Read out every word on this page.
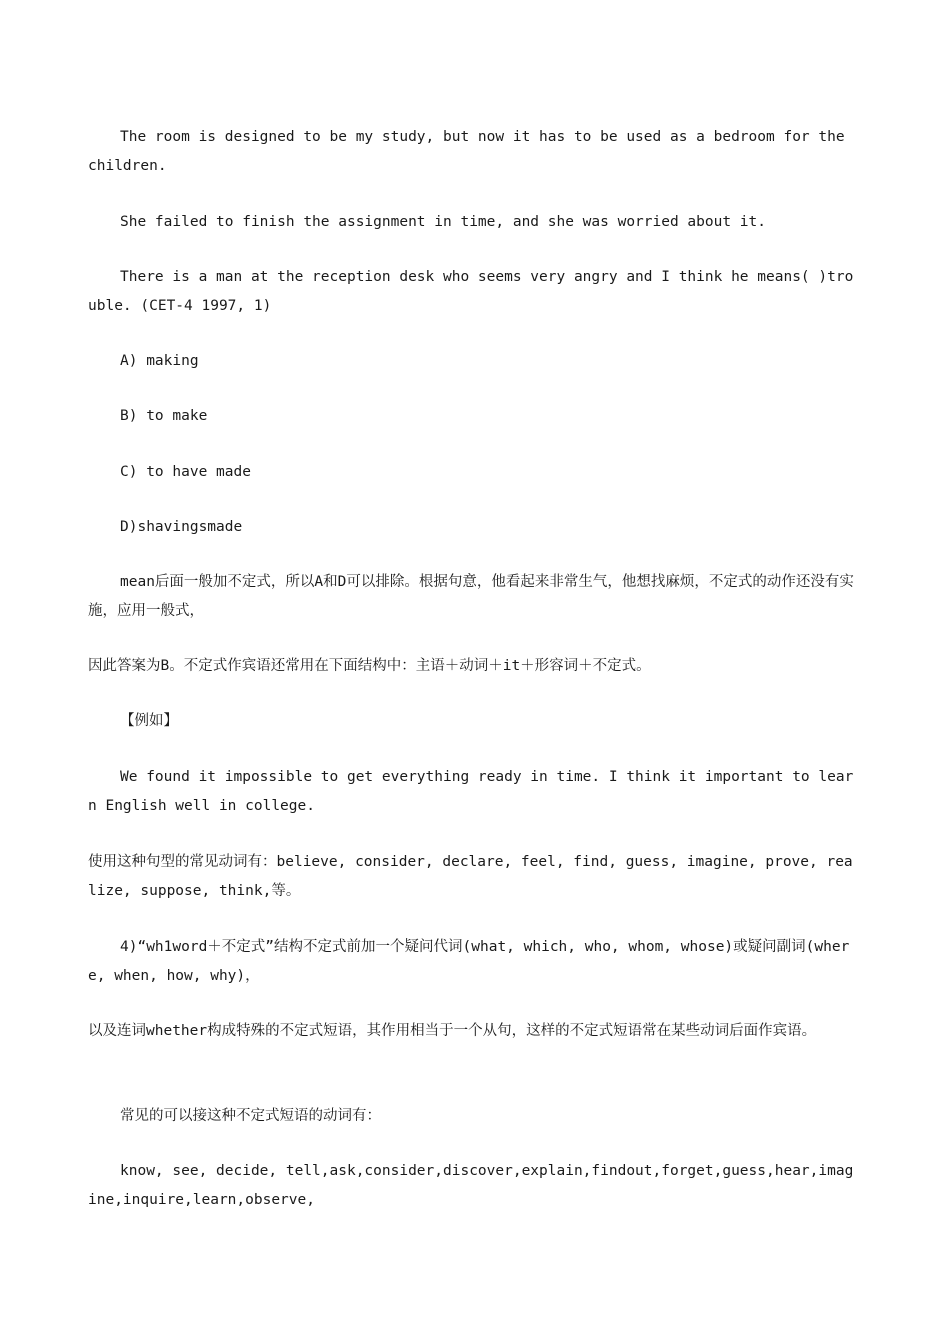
The room is designed to be my study, but now it has to be used as a bedroom for the children.

She failed to finish the assignment in time, and she was worried about it.

There is a man at the reception desk who seems very angry and I think he means( )trouble. (CET-4 1997, 1)

A) making

B) to make

C) to have made

D)shavingsmade

mean后面一般加不定式，所以A和D可以排除。根据句意，他看起来非常生气，他想找麻烦，不定式的动作还没有实施，应用一般式，

因此答案为B。不定式作宾语还常用在下面结构中：主语＋动词＋it＋形容词＋不定式。

【例如】

We found it impossible to get everything ready in time. I think it important to learn English well in college.

使用这种句型的常见动词有：believe, consider, declare, feel, find, guess, imagine, prove, realize, suppose, think,等。

4)“wh1word＋不定式”结构不定式前加一个疑问代词(what, which, who, whom, whose)或疑问副词(where, when, how, why)，

以及连词whether构成特殊的不定式短语，其作用相当于一个从句，这样的不定式短语常在某些动词后面作宾语。

常见的可以接这种不定式短语的动词有：

know, see, decide, tell,ask,consider,discover,explain,findout,forget,guess,hear,imagine,inquire,learn,observe,
